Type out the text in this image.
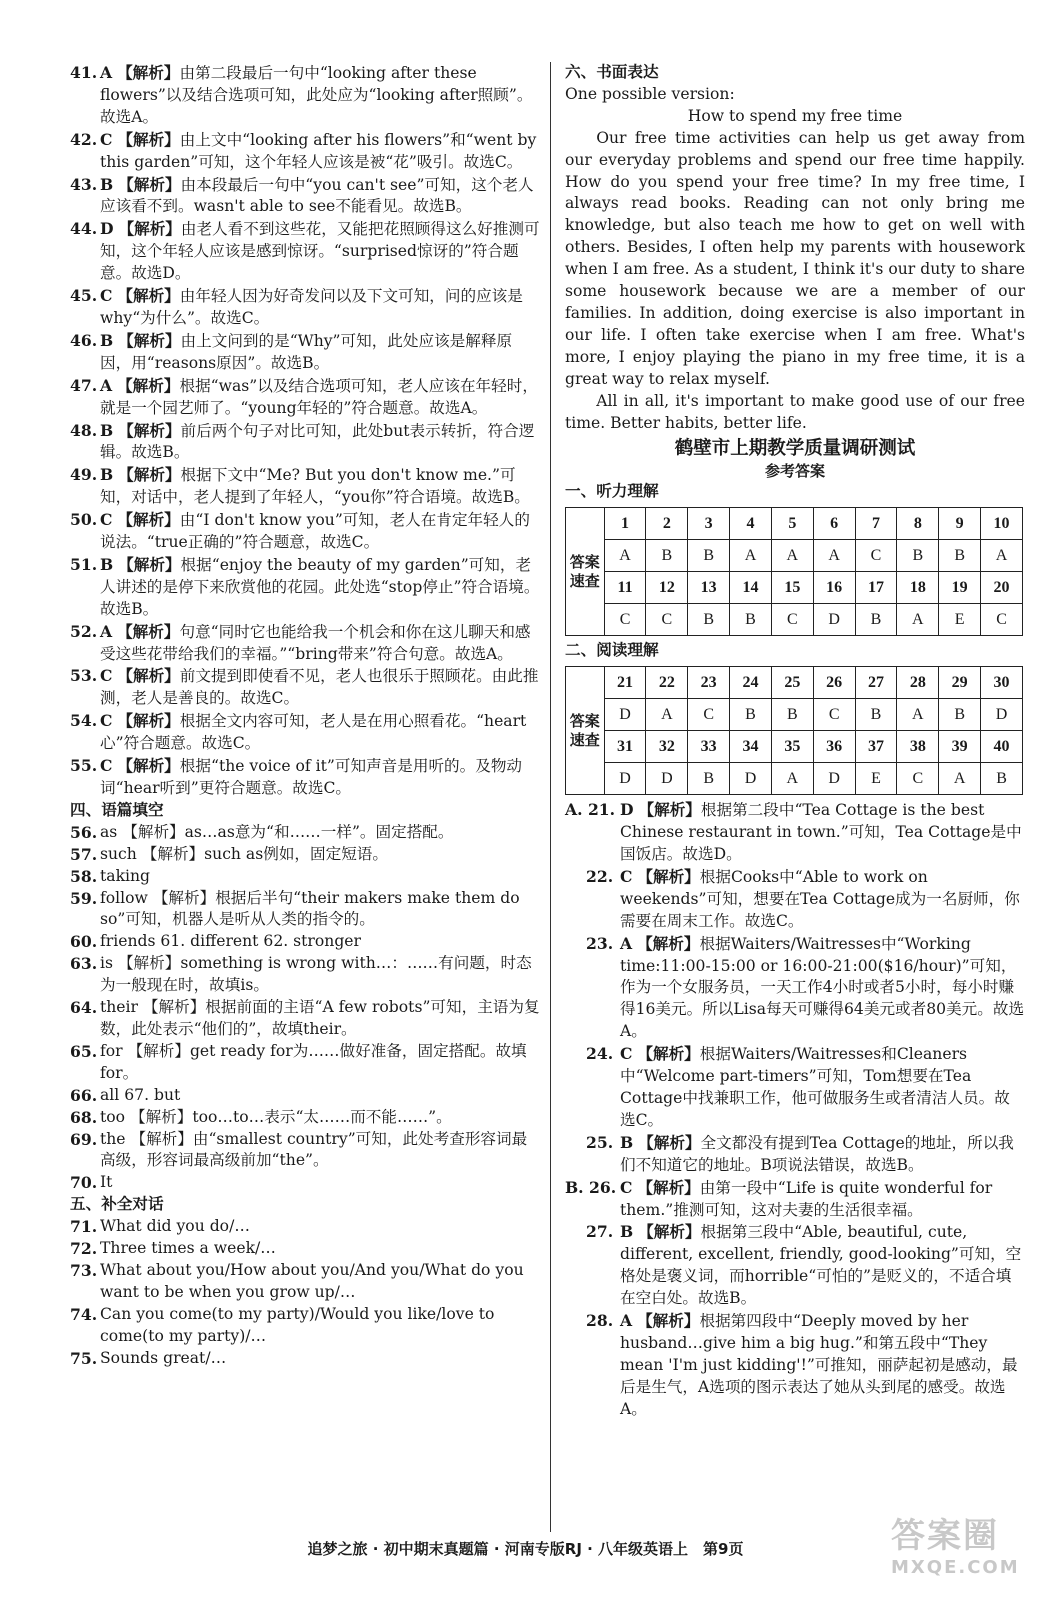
41. A 【解析】由第二段最后一句中“looking after these flowers”以及结合选项可知，此处应为“looking after照顾”。故选A。
42. C 【解析】由上文中“looking after his flowers”和“went by this garden”可知，这个年轻人应该是被“花”吸引。故选C。
43. B 【解析】由本段最后一句中“you can't see”可知，这个老人应该看不到。wasn't able to see不能看见。故选B。
44. D 【解析】由老人看不到这些花，又能把花照顾得这么好推测可知，这个年轻人应该是感到惊讶。“surprised惊讶的”符合题意。故选D。
45. C 【解析】由年轻人因为好奇发问以及下文可知，问的应该是why“为什么”。故选C。
46. B 【解析】由上文问到的是“Why”可知，此处应该是解释原因，用“reasons原因”。故选B。
47. A 【解析】根据“was”以及结合选项可知，老人应该在年轻时，就是一个园艺师了。“young年轻的”符合题意。故选A。
48. B 【解析】前后两个句子对比可知，此处but表示转折，符合逻辑。故选B。
49. B 【解析】根据下文中“Me? But you don't know me.”可知，对话中，老人提到了年轻人，“you你”符合语境。故选B。
50. C 【解析】由“I don't know you”可知，老人在肯定年轻人的说法。“true正确的”符合题意，故选C。
51. B 【解析】根据“enjoy the beauty of my garden”可知，老人讲述的是停下来欣赏他的花园。此处选“stop停止”符合语境。故选B。
52. A 【解析】句意“同时它也能给我一个机会和你在这儿聊天和感受这些花带给我们的幸福。”“bring带来”符合句意。故选A。
53. C 【解析】前文提到即使看不见，老人也很乐于照顾花。由此推测，老人是善良的。故选C。
54. C 【解析】根据全文内容可知，老人是在用心照看花。“heart心”符合题意。故选C。
55. C 【解析】根据“the voice of it”可知声音是用听的。及物动词“hear听到”更符合题意。故选C。
四、语篇填空
56. as 【解析】as…as意为“和……一样”。固定搭配。
57. such 【解析】such as例如，固定短语。
58. taking
59. follow 【解析】根据后半句“their makers make them do so”可知，机器人是听从人类的指令的。
60. friends 61. different 62. stronger
63. is 【解析】something is wrong with…：……有问题，时态为一般现在时，故填is。
64. their 【解析】根据前面的主语“A few robots”可知，主语为复数，此处表示“他们的”，故填their。
65. for 【解析】get ready for为……做好准备，固定搭配。故填for。
66. all 67. but
68. too 【解析】too…to…表示“太……而不能……”。
69. the 【解析】由“smallest country”可知，此处考查形容词最高级，形容词最高级前加“the”。
70. It
五、补全对话
71. What did you do/…
72. Three times a week/…
73. What about you/How about you/And you/What do you want to be when you grow up/…
74. Can you come(to my party)/Would you like/love to come(to my party)/…
75. Sounds great/…
六、书面表达
One possible version:
How to spend my free time
Our free time activities can help us get away from our everyday problems and spend our free time happily. How do you spend your free time? In my free time, I always read books. Reading can not only bring me knowledge, but also teach me how to get on well with others. Besides, I often help my parents with housework when I am free. As a student, I think it's our duty to share some housework because we are a member of our families. In addition, doing exercise is also important in our life. I often take exercise when I am free. What's more, I enjoy playing the piano in my free time, it is a great way to relax myself.
All in all, it's important to make good use of our free time. Better habits, better life.
鹤壁市上期教学质量调研测试
参考答案
一、听力理解
答案速查	1	2	3	4	5	6	7	8	9	10
	A	B	B	A	A	A	C	B	B	A
	11	12	13	14	15	16	17	18	19	20
	C	C	B	B	C	D	B	A	E	C
二、阅读理解
答案速查	21	22	23	24	25	26	27	28	29	30
	D	A	C	B	B	C	B	A	B	D
	31	32	33	34	35	36	37	38	39	40
	D	D	B	D	A	D	E	C	A	B
A. 21. D 【解析】根据第二段中“Tea Cottage is the best Chinese restaurant in town.”可知，Tea Cottage是中国饭店。故选D。
22. C 【解析】根据Cooks中“Able to work on weekends”可知，想要在Tea Cottage成为一名厨师，你需要在周末工作。故选C。
23. A 【解析】根据Waiters/Waitresses中“Working time:11:00-15:00 or 16:00-21:00($16/hour)”可知，作为一个女服务员，一天工作4小时或者5小时，每小时赚得16美元。所以Lisa每天可赚得64美元或者80美元。故选A。
24. C 【解析】根据Waiters/Waitresses和Cleaners中“Welcome part-timers”可知，Tom想要在Tea Cottage中找兼职工作，他可做服务生或者清洁人员。故选C。
25. B 【解析】全文都没有提到Tea Cottage的地址，所以我们不知道它的地址。B项说法错误，故选B。
B. 26. C 【解析】由第一段中“Life is quite wonderful for them.”推测可知，这对夫妻的生活很幸福。
27. B 【解析】根据第三段中“Able, beautiful, cute, different, excellent, friendly, good-looking”可知，空格处是褒义词，而horrible“可怕的”是贬义的，不适合填在空白处。故选B。
28. A 【解析】根据第四段中“Deeply moved by her husband…give him a big hug.”和第五段中“They mean 'I'm just kidding'!”可推知，丽萨起初是感动，最后是生气，A选项的图示表达了她从头到尾的感受。故选A。
追梦之旅 · 初中期末真题篇 · 河南专版RJ · 八年级英语上　第9页	答案圈
MXQE.COM
